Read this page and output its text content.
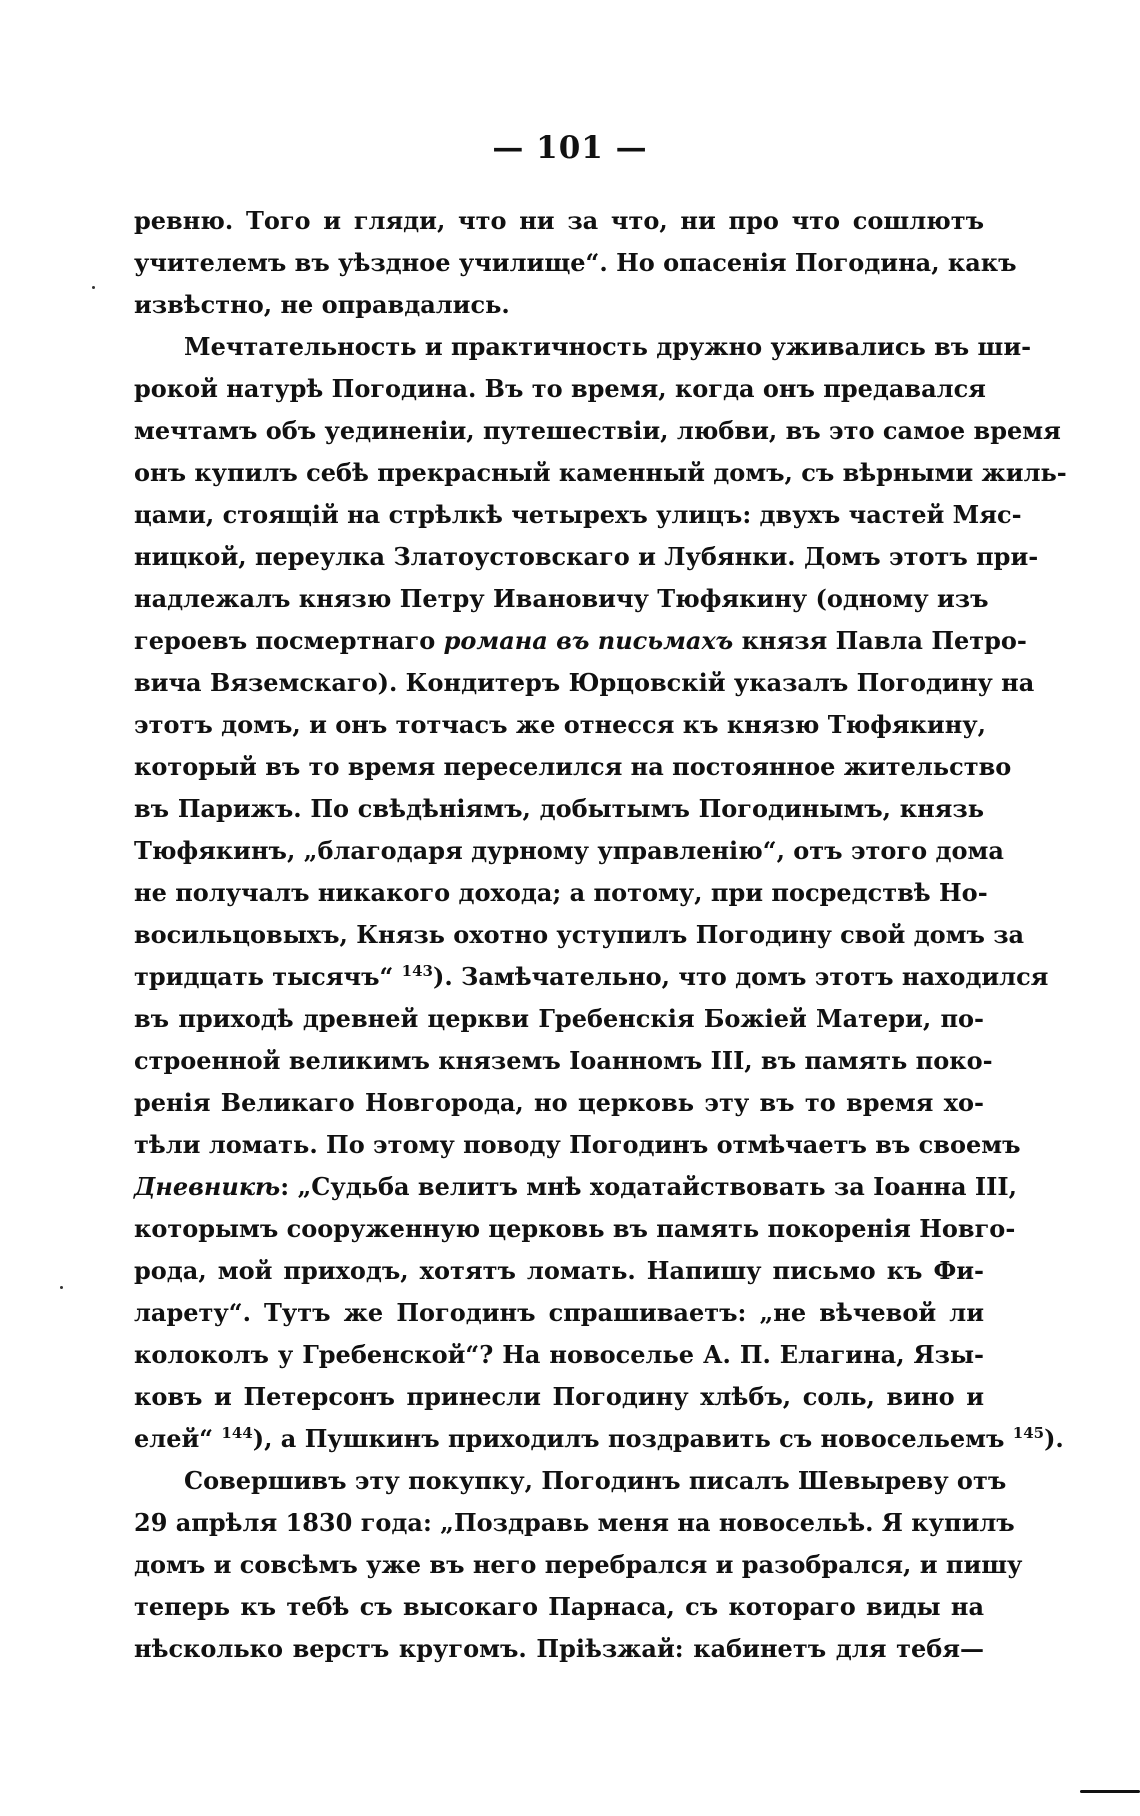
— 101 —
ревню. Того и гляди, что ни за что, ни про что сошлютъ
учителемъ въ уѣздное училище“. Но опасенія Погодина, какъ
извѣстно, не оправдались.
Мечтательность и практичность дружно уживались въ ши-
рокой натурѣ Погодина. Въ то время, когда онъ предавался
мечтамъ объ уединеніи, путешествіи, любви, въ это самое время
онъ купилъ себѣ прекрасный каменный домъ, съ вѣрными жиль-
цами, стоящій на стрѣлкѣ четырехъ улицъ: двухъ частей Мяс-
ницкой, переулка Златоустовскаго и Лубянки. Домъ этотъ при-
надлежалъ князю Петру Ивановичу Тюфякину (одному изъ
героевъ посмертнаго романа въ письмахъ князя Павла Петро-
вича Вяземскаго). Кондитеръ Юрцовскій указалъ Погодину на
этотъ домъ, и онъ тотчасъ же отнесся къ князю Тюфякину,
который въ то время переселился на постоянное жительство
въ Парижъ. По свѣдѣніямъ, добытымъ Погодинымъ, князь
Тюфякинъ, „благодаря дурному управленію“, отъ этого дома
не получалъ никакого дохода; а потому, при посредствѣ Но-
восильцовыхъ, Князь охотно уступилъ Погодину свой домъ за
тридцать тысячъ“ $^{143}$). Замѣчательно, что домъ этотъ находился
въ приходѣ древней церкви Гребенскія Божіей Матери, по-
строенной великимъ княземъ Іоанномъ III, въ память поко-
ренія Великаго Новгорода, но церковь эту въ то время хо-
тѣли ломать. По этому поводу Погодинъ отмѣчаетъ въ своемъ
Дневникѣ: „Судьба велитъ мнѣ ходатайствовать за Іоанна III,
которымъ сооруженную церковь въ память покоренія Новго-
рода, мой приходъ, хотятъ ломать. Напишу письмо къ Фи-
ларету“. Тутъ же Погодинъ спрашиваетъ: „не вѣчевой ли
колоколъ у Гребенской“? На новоселье А. П. Елагина, Язы-
ковъ и Петерсонъ принесли Погодину хлѣбъ, соль, вино и
елей“ $^{144}$), а Пушкинъ приходилъ поздравить съ новосельемъ $^{145}$).
Совершивъ эту покупку, Погодинъ писалъ Шевыреву отъ
29 апрѣля 1830 года: „Поздравь меня на новосельѣ. Я купилъ
домъ и совсѣмъ уже въ него перебрался и разобрался, и пишу
теперь къ тебѣ съ высокаго Парнаса, съ котораго виды на
нѣсколько верстъ кругомъ. Пріѣзжай: кабинетъ для тебя—
